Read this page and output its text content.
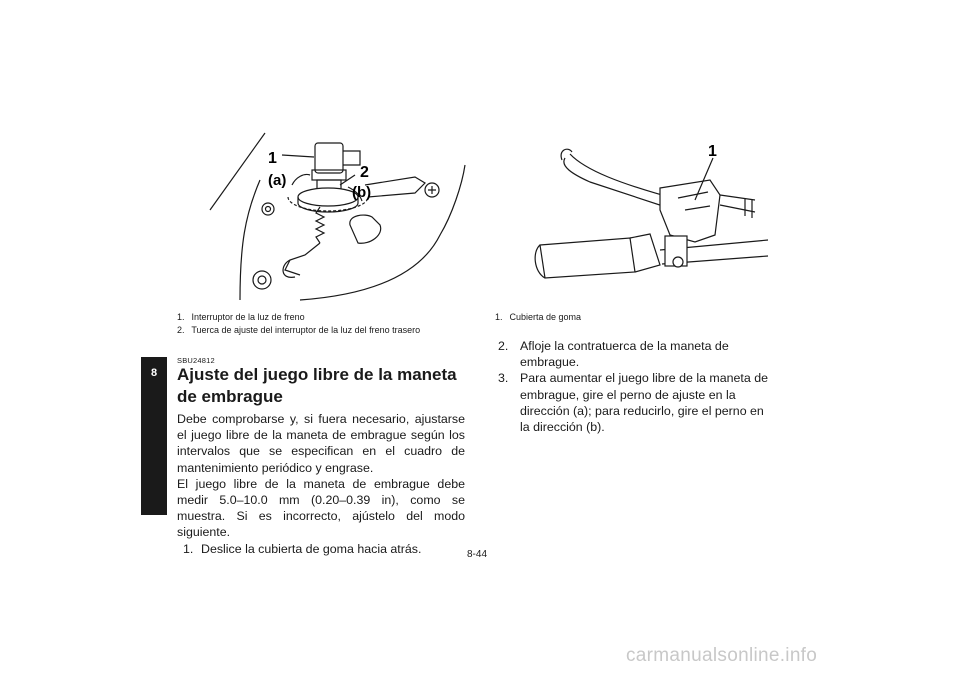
8
1
2
(a)
(b)
1
1. Interruptor de la luz de freno
2. Tuerca de ajuste del interruptor de la luz del freno trasero
1. Cubierta de goma
SBU24812
Ajuste del juego libre de la maneta de embrague

Debe comprobarse y, si fuera necesario, ajustarse el juego libre de la maneta de embrague según los intervalos que se especifican en el cuadro de mantenimiento periódico y engrase.

El juego libre de la maneta de embrague debe medir 5.0–10.0 mm (0.20–0.39 in), como se muestra. Si es incorrecto, ajústelo del modo siguiente.

1. Deslice la cubierta de goma hacia atrás.
2. Afloje la contratuerca de la maneta de embrague.
3. Para aumentar el juego libre de la maneta de embrague, gire el perno de ajuste en la dirección (a); para reducirlo, gire el perno en la dirección (b).
8-44
carmanualsonline.info
